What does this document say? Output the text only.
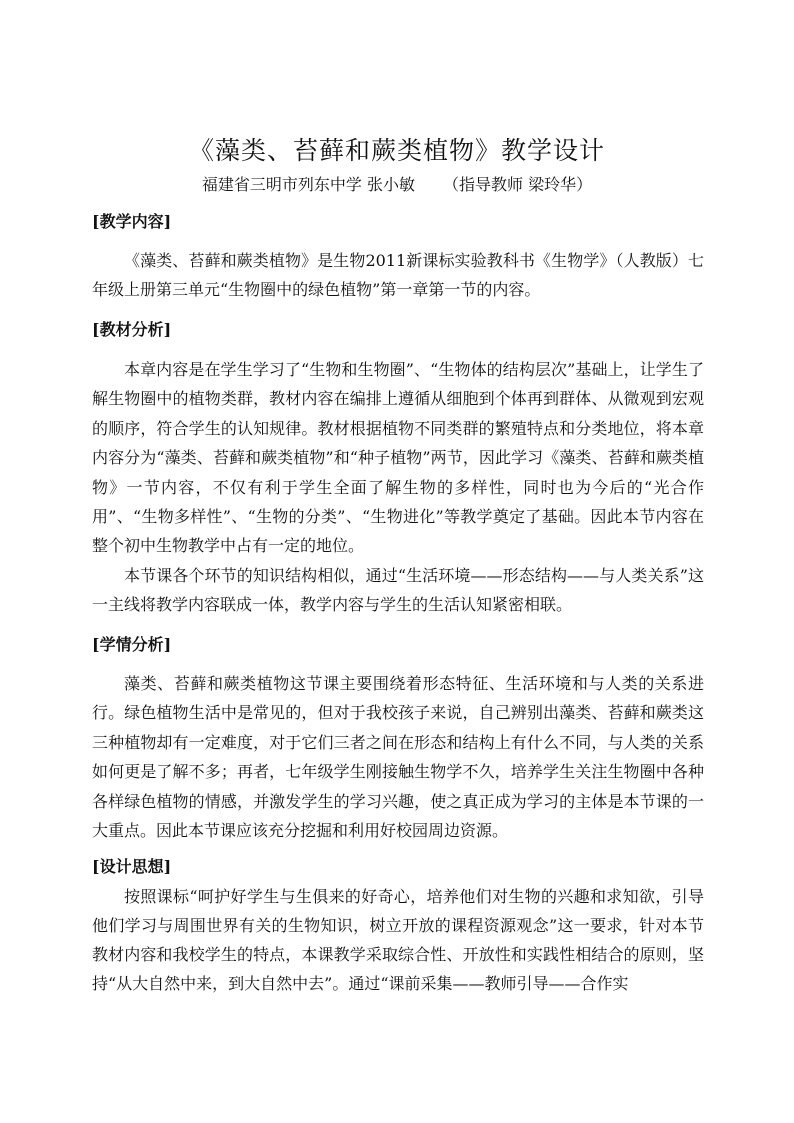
《藻类、苔藓和蕨类植物》教学设计
福建省三明市列东中学 张小敏 （指导教师 梁玲华）
[教学内容]
《藻类、苔藓和蕨类植物》是生物2011新课标实验教科书《生物学》（人教版）七年级上册第三单元“生物圈中的绿色植物”第一章第一节的内容。
[教材分析]
本章内容是在学生学习了“生物和生物圈”、“生物体的结构层次”基础上，让学生了解生物圈中的植物类群，教材内容在编排上遵循从细胞到个体再到群体、从微观到宏观的顺序，符合学生的认知规律。教材根据植物不同类群的繁殖特点和分类地位，将本章内容分为“藻类、苔藓和蕨类植物”和“种子植物”两节，因此学习《藻类、苔藓和蕨类植物》一节内容，不仅有利于学生全面了解生物的多样性，同时也为今后的“光合作用”、“生物多样性”、“生物的分类”、“生物进化”等教学奠定了基础。因此本节内容在整个初中生物教学中占有一定的地位。
本节课各个环节的知识结构相似，通过“生活环境——形态结构——与人类关系”这一主线将教学内容联成一体，教学内容与学生的生活认知紧密相联。
[学情分析]
藻类、苔藓和蕨类植物这节课主要围绕着形态特征、生活环境和与人类的关系进行。绿色植物生活中是常见的，但对于我校孩子来说，自己辨别出藻类、苔藓和蕨类这三种植物却有一定难度，对于它们三者之间在形态和结构上有什么不同，与人类的关系如何更是了解不多；再者，七年级学生刚接触生物学不久，培养学生关注生物圈中各种各样绿色植物的情感，并激发学生的学习兴趣，使之真正成为学习的主体是本节课的一大重点。因此本节课应该充分挖掘和利用好校园周边资源。
[设计思想]
按照课标“呵护好学生与生俱来的好奇心，培养他们对生物的兴趣和求知欲，引导他们学习与周围世界有关的生物知识，树立开放的课程资源观念”这一要求，针对本节教材内容和我校学生的特点，本课教学采取综合性、开放性和实践性相结合的原则，坚持“从大自然中来，到大自然中去”。通过“课前采集——教师引导——合作实
